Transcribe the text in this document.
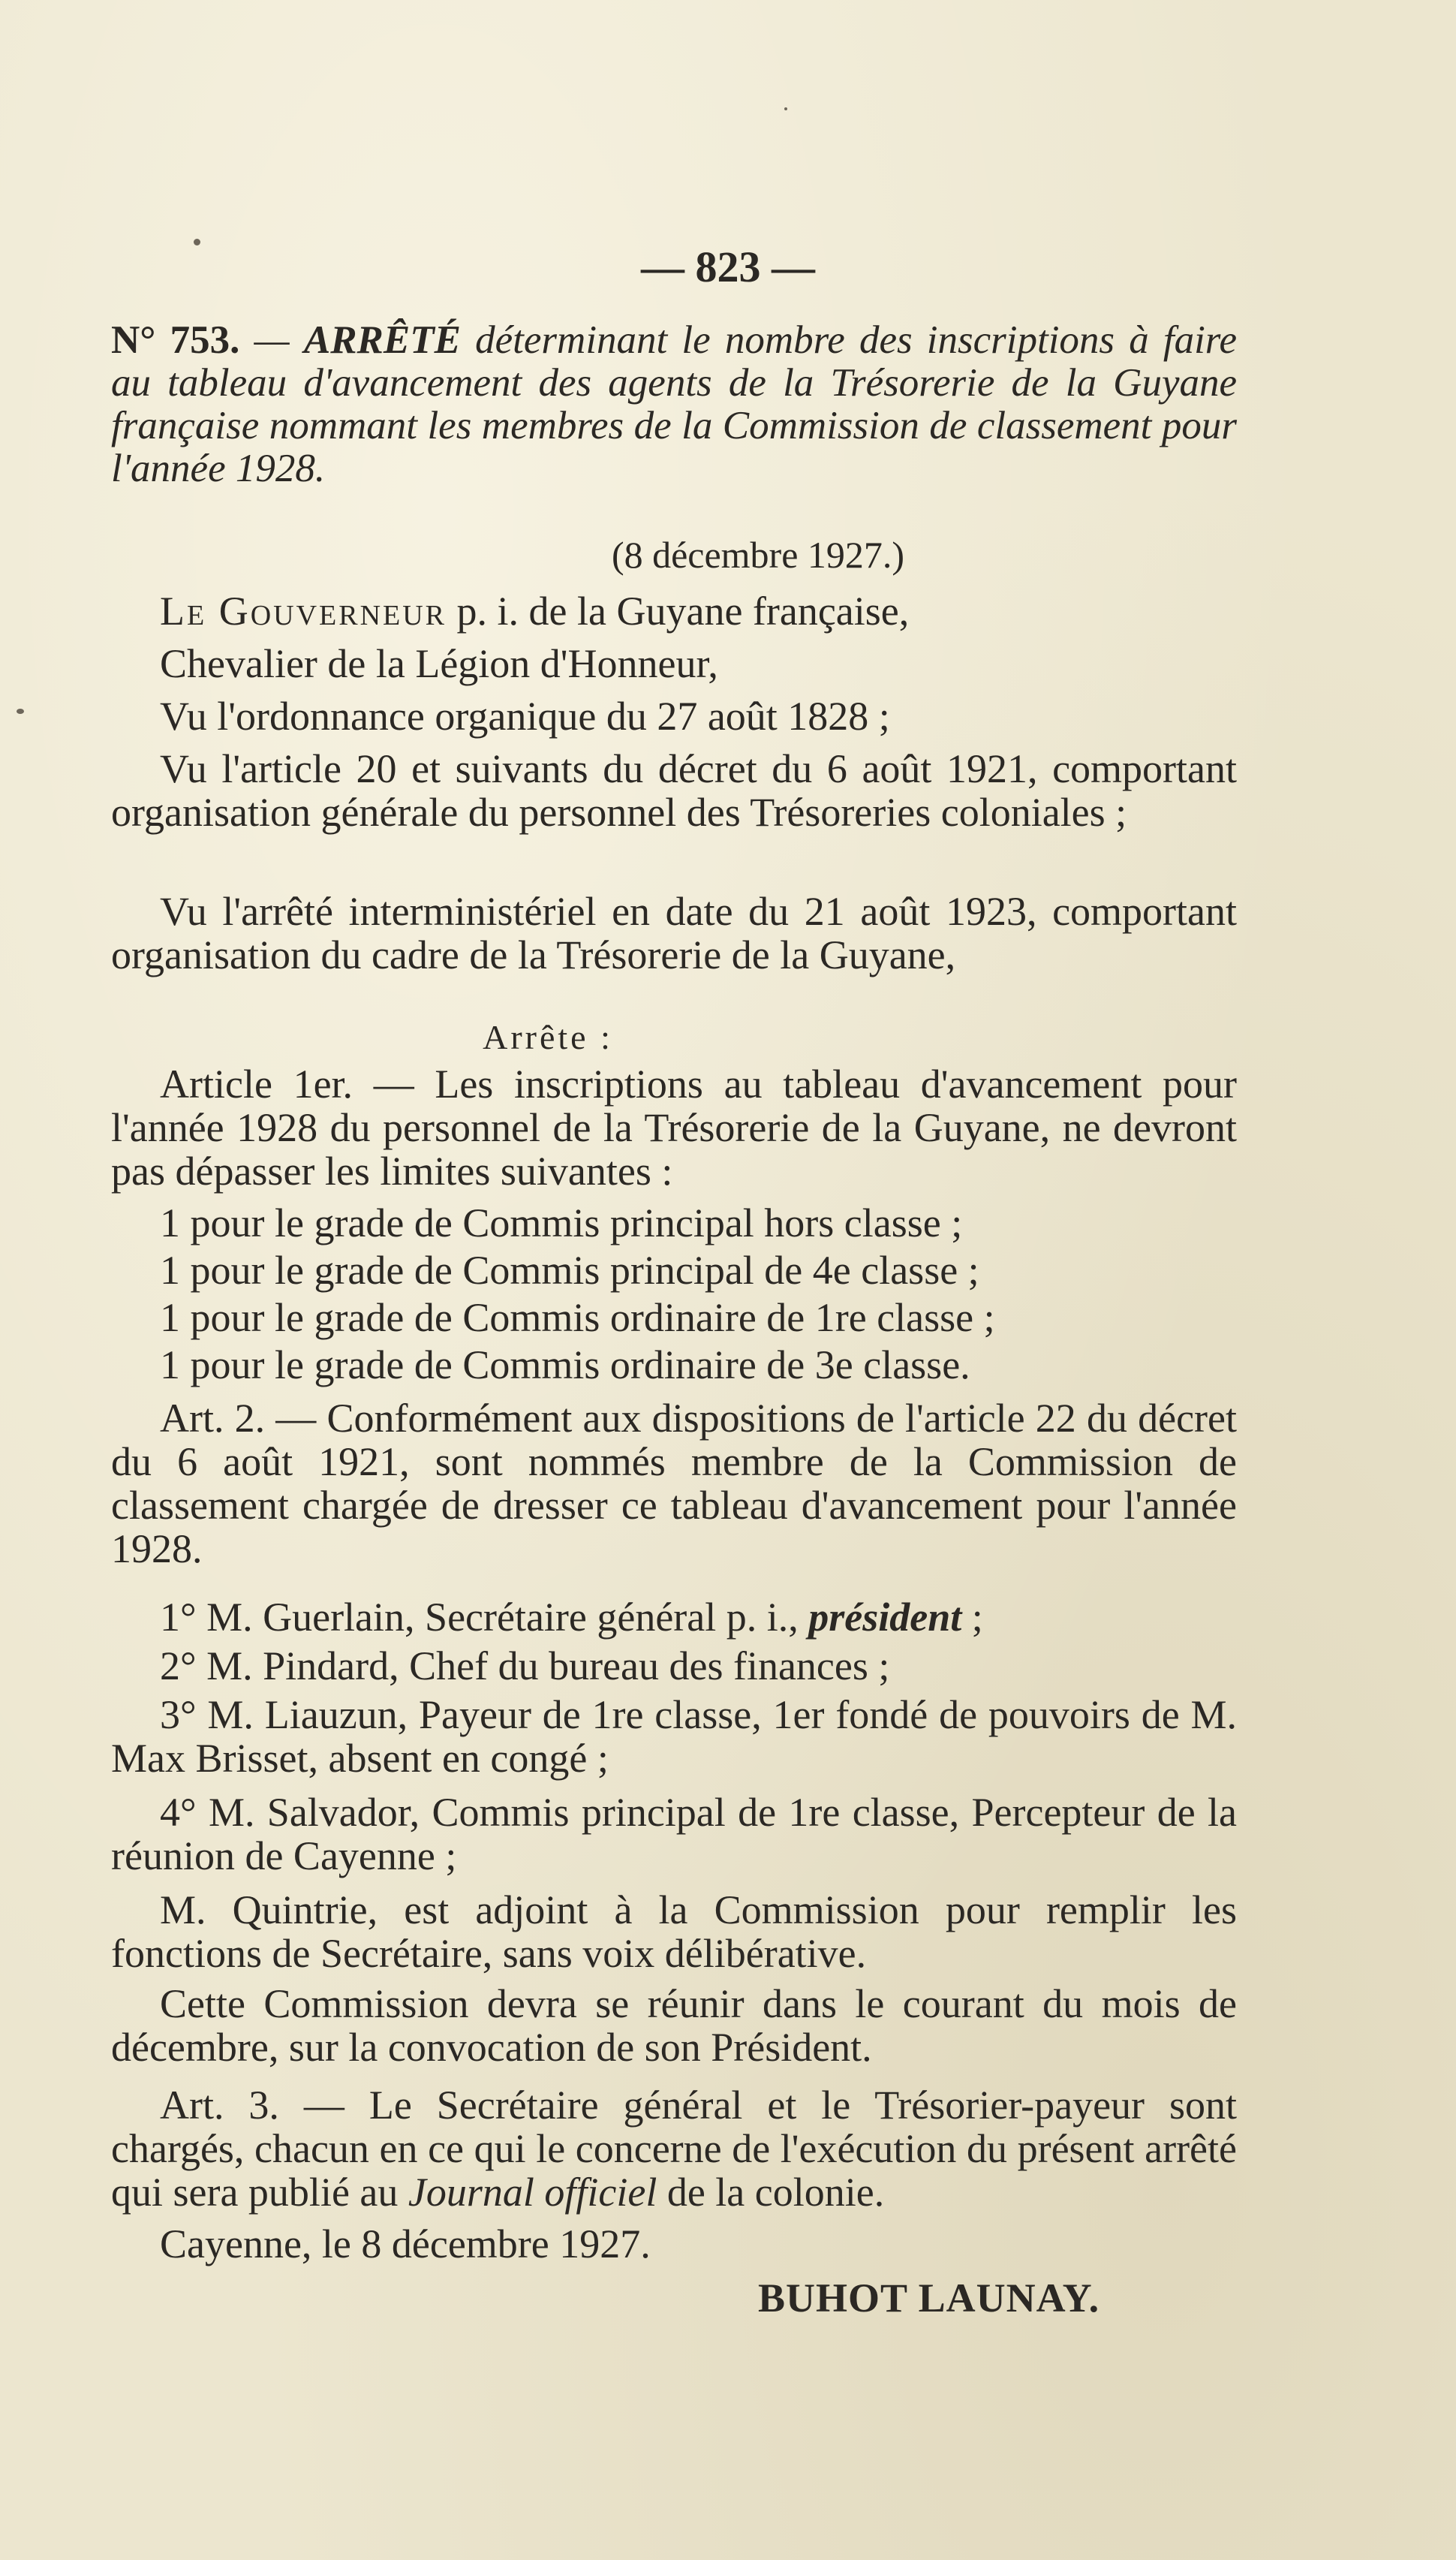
— 823 —
N° 753. — ARRÊTÉ déterminant le nombre des inscriptions à faire au tableau d'avancement des agents de la Trésorerie de la Guyane française nommant les membres de la Commission de classement pour l'année 1928.
(8 décembre 1927.)
Le Gouverneur p. i. de la Guyane française,
Chevalier de la Légion d'Honneur,
Vu l'ordonnance organique du 27 août 1828 ;
Vu l'article 20 et suivants du décret du 6 août 1921, comportant organisation générale du personnel des Trésoreries coloniales ;
Vu l'arrêté interministériel en date du 21 août 1923, comportant organisation du cadre de la Trésorerie de la Guyane,
Arrête :
Article 1er. — Les inscriptions au tableau d'avancement pour l'année 1928 du personnel de la Trésorerie de la Guyane, ne devront pas dépasser les limites suivantes :
1 pour le grade de Commis principal hors classe ;
1 pour le grade de Commis principal de 4e classe ;
1 pour le grade de Commis ordinaire de 1re classe ;
1 pour le grade de Commis ordinaire de 3e classe.
Art. 2. — Conformément aux dispositions de l'article 22 du décret du 6 août 1921, sont nommés membre de la Commission de classement chargée de dresser ce tableau d'avancement pour l'année 1928.
1° M. Guerlain, Secrétaire général p. i., président ;
2° M. Pindard, Chef du bureau des finances ;
3° M. Liauzun, Payeur de 1re classe, 1er fondé de pouvoirs de M. Max Brisset, absent en congé ;
4° M. Salvador, Commis principal de 1re classe, Percepteur de la réunion de Cayenne ;
M. Quintrie, est adjoint à la Commission pour remplir les fonctions de Secrétaire, sans voix délibérative.
Cette Commission devra se réunir dans le courant du mois de décembre, sur la convocation de son Président.
Art. 3. — Le Secrétaire général et le Trésorier-payeur sont chargés, chacun en ce qui le concerne de l'exécution du présent arrêté qui sera publié au Journal officiel de la colonie.
Cayenne, le 8 décembre 1927.
BUHOT LAUNAY.
